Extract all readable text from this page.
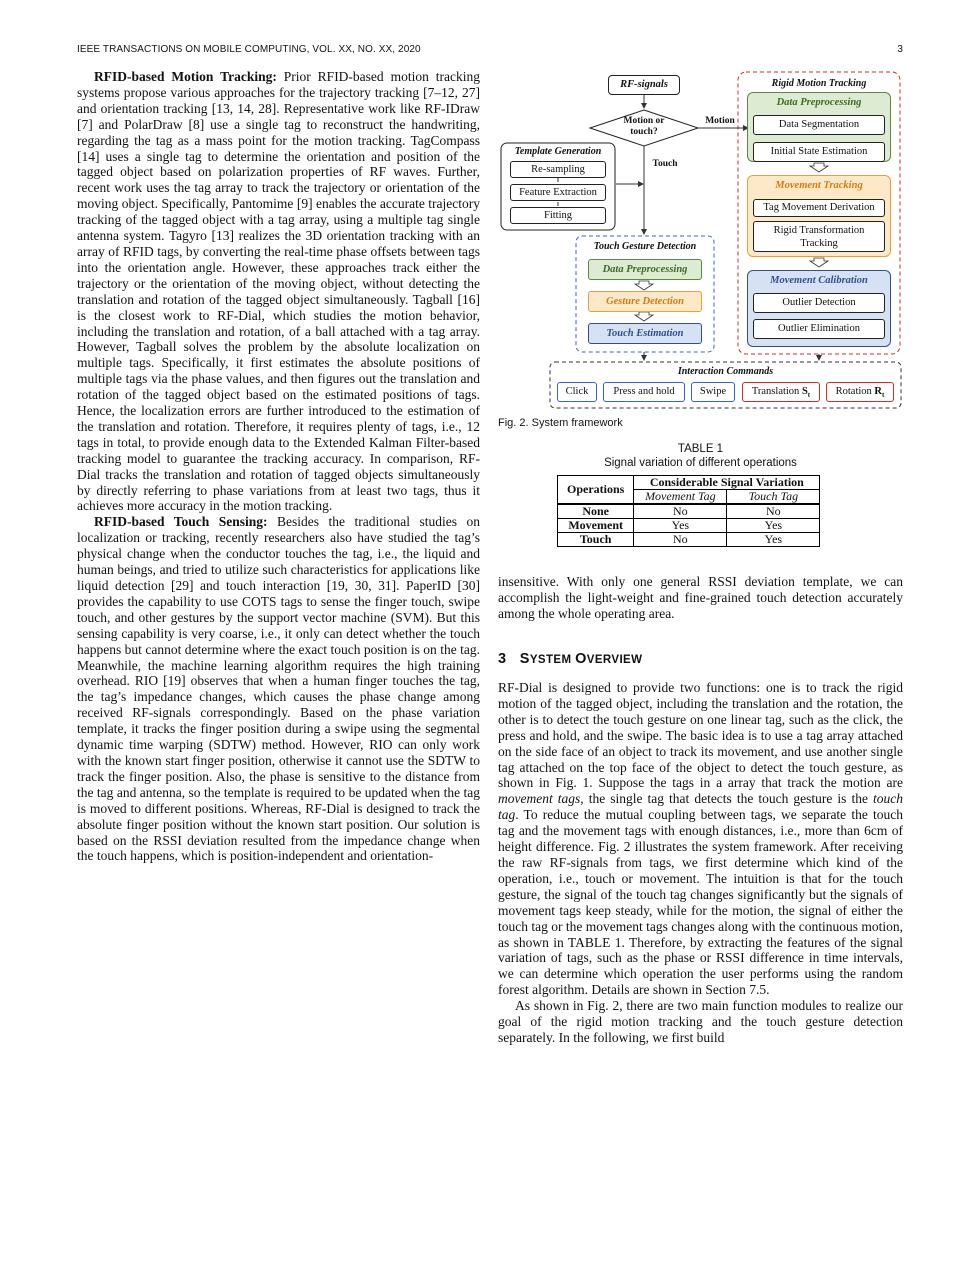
IEEE TRANSACTIONS ON MOBILE COMPUTING, VOL. XX, NO. XX, 2020	3

RFID-based Motion Tracking: Prior RFID-based motion tracking systems propose various approaches for the trajectory tracking [7–12, 27] and orientation tracking [13, 14, 28]. Representative work like RF-IDraw [7] and PolarDraw [8] use a single tag to reconstruct the handwriting, regarding the tag as a mass point for the motion tracking. TagCompass [14] uses a single tag to determine the orientation and position of the tagged object based on polarization properties of RF waves. Further, recent work uses the tag array to track the trajectory or orientation of the moving object. Specifically, Pantomime [9] enables the accurate trajectory tracking of the tagged object with a tag array, using a multiple tag single antenna system. Tagyro [13] realizes the 3D orientation tracking with an array of RFID tags, by converting the real-time phase offsets between tags into the orientation angle. However, these approaches track either the trajectory or the orientation of the moving object, without detecting the translation and rotation of the tagged object simultaneously. Tagball [16] is the closest work to RF-Dial, which studies the motion behavior, including the translation and rotation, of a ball attached with a tag array. However, Tagball solves the problem by the absolute localization on multiple tags. Specifically, it first estimates the absolute positions of multiple tags via the phase values, and then figures out the translation and rotation of the tagged object based on the estimated positions of tags. Hence, the localization errors are further introduced to the estimation of the translation and rotation. Therefore, it requires plenty of tags, i.e., 12 tags in total, to provide enough data to the Extended Kalman Filter-based tracking model to guarantee the tracking accuracy. In comparison, RF-Dial tracks the translation and rotation of tagged objects simultaneously by directly referring to phase variations from at least two tags, thus it achieves more accuracy in the motion tracking.

RFID-based Touch Sensing: Besides the traditional studies on localization or tracking, recently researchers also have studied the tag’s physical change when the conductor touches the tag, i.e., the liquid and human beings, and tried to utilize such characteristics for applications like liquid detection [29] and touch interaction [19, 30, 31]. PaperID [30] provides the capability to use COTS tags to sense the finger touch, swipe touch, and other gestures by the support vector machine (SVM). But this sensing capability is very coarse, i.e., it only can detect whether the touch happens but cannot determine where the exact touch position is on the tag. Meanwhile, the machine learning algorithm requires the high training overhead. RIO [19] observes that when a human finger touches the tag, the tag’s impedance changes, which causes the phase change among received RF-signals correspondingly. Based on the phase variation template, it tracks the finger position during a swipe using the segmental dynamic time warping (SDTW) method. However, RIO can only work with the known start finger position, otherwise it cannot use the SDTW to track the finger position. Also, the phase is sensitive to the distance from the tag and antenna, so the template is required to be updated when the tag is moved to different positions. Whereas, RF-Dial is designed to track the absolute finger position without the known start position. Our solution is based on the RSSI deviation resulted from the impedance change when the touch happens, which is position-independent and orientation-

RF-signals
Motion or touch?
Motion
Touch
Template Generation
Re-sampling
Feature Extraction
Fitting
Touch Gesture Detection
Data Preprocessing
Gesture Detection
Touch Estimation
Rigid Motion Tracking
Data Preprocessing
Data Segmentation
Initial State Estimation
Movement Tracking
Tag Movement Derivation
Rigid Transformation Tracking
Movement Calibration
Outlier Detection
Outlier Elimination
Interaction Commands
Click	Press and hold	Swipe	Translation $S_t$	Rotation $R_t$
Fig. 2. System framework
TABLE 1
Signal variation of different operations
Operations	Considerable Signal Variation	
	Movement Tag	Touch Tag
None	No	No
Movement	Yes	Yes
Touch	No	Yes

insensitive. With only one general RSSI deviation template, we can accomplish the light-weight and fine-grained touch detection accurately among the whole operating area.

3 SYSTEM OVERVIEW

RF-Dial is designed to provide two functions: one is to track the rigid motion of the tagged object, including the translation and the rotation, the other is to detect the touch gesture on one linear tag, such as the click, the press and hold, and the swipe. The basic idea is to use a tag array attached on the side face of an object to track its movement, and use another single tag attached on the top face of the object to detect the touch gesture, as shown in Fig. 1. Suppose the tags in a array that track the motion are movement tags, the single tag that detects the touch gesture is the touch tag. To reduce the mutual coupling between tags, we separate the touch tag and the movement tags with enough distances, i.e., more than 6cm of height difference. Fig. 2 illustrates the system framework. After receiving the raw RF-signals from tags, we first determine which kind of the operation, i.e., touch or movement. The intuition is that for the touch gesture, the signal of the touch tag changes significantly but the signals of movement tags keep steady, while for the motion, the signal of either the touch tag or the movement tags changes along with the continuous motion, as shown in TABLE 1. Therefore, by extracting the features of the signal variation of tags, such as the phase or RSSI difference in time intervals, we can determine which operation the user performs using the random forest algorithm. Details are shown in Section 7.5.

As shown in Fig. 2, there are two main function modules to realize our goal of the rigid motion tracking and the touch gesture detection separately. In the following, we first build
